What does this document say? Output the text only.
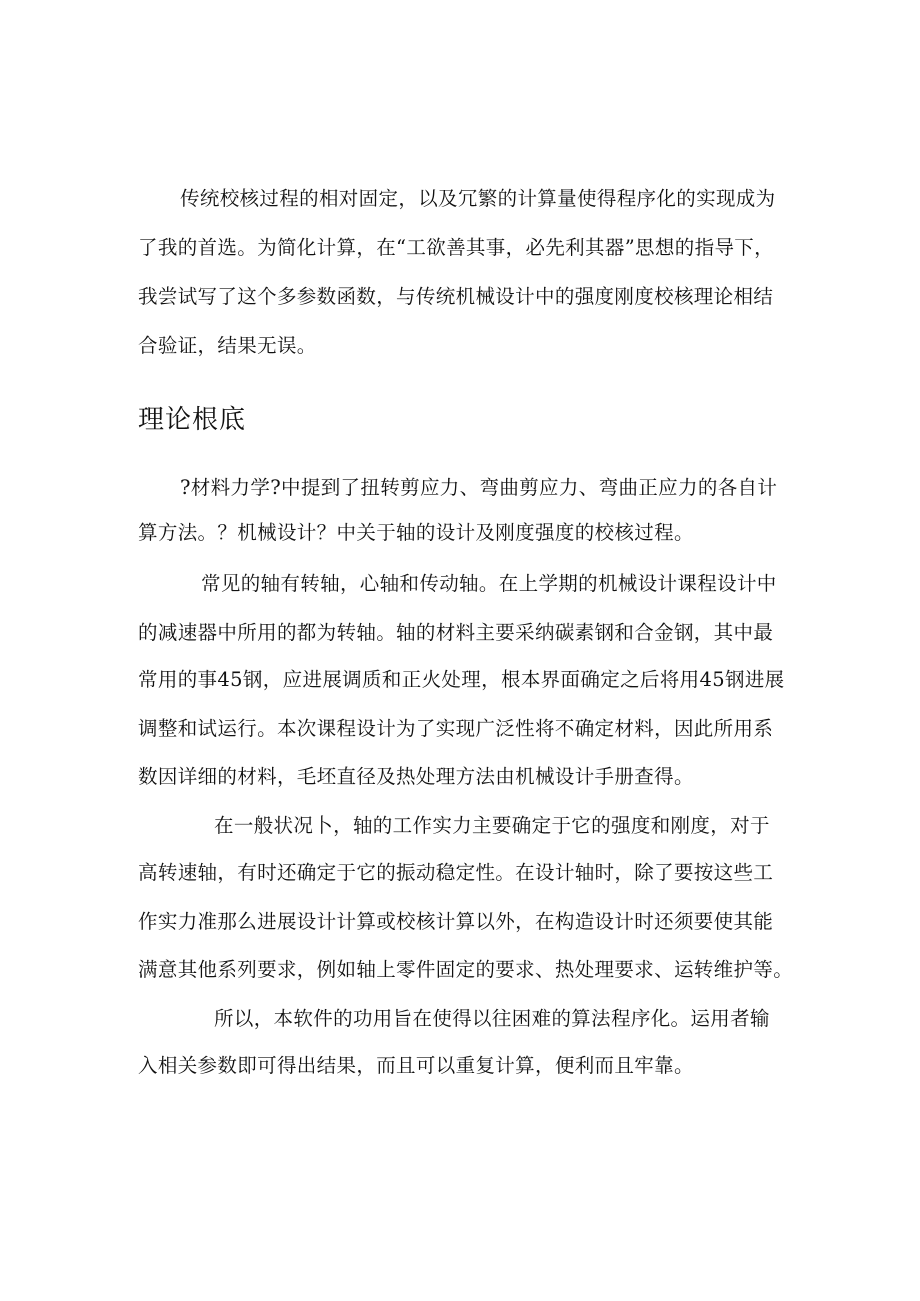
传统校核过程的相对固定，以及冗繁的计算量使得程序化的实现成为
了我的首选。为简化计算，在“工欲善其事，必先利其器”思想的指导下，
我尝试写了这个多参数函数，与传统机械设计中的强度刚度校核理论相结
合验证，结果无误。
理论根底
?材料力学?中提到了扭转剪应力、弯曲剪应力、弯曲正应力的各自计
算方法。？机械设计？中关于轴的设计及刚度强度的校核过程。
常见的轴有转轴，心轴和传动轴。在上学期的机械设计课程设计中
的减速器中所用的都为转轴。轴的材料主要采纳碳素钢和合金钢，其中最
常用的事45钢，应进展调质和正火处理，根本界面确定之后将用45钢进展
调整和试运行。本次课程设计为了实现广泛性将不确定材料，因此所用系
数因详细的材料，毛坯直径及热处理方法由机械设计手册查得。
在一般状况卜，轴的工作实力主要确定于它的强度和刚度，对于
高转速轴，有时还确定于它的振动稳定性。在设计轴时，除了要按这些工
作实力准那么进展设计计算或校核计算以外，在构造设计时还须要使其能
满意其他系列要求，例如轴上零件固定的要求、热处理要求、运转维护等。
所以，本软件的功用旨在使得以往困难的算法程序化。运用者输
入相关参数即可得出结果，而且可以重复计算，便利而且牢靠。
